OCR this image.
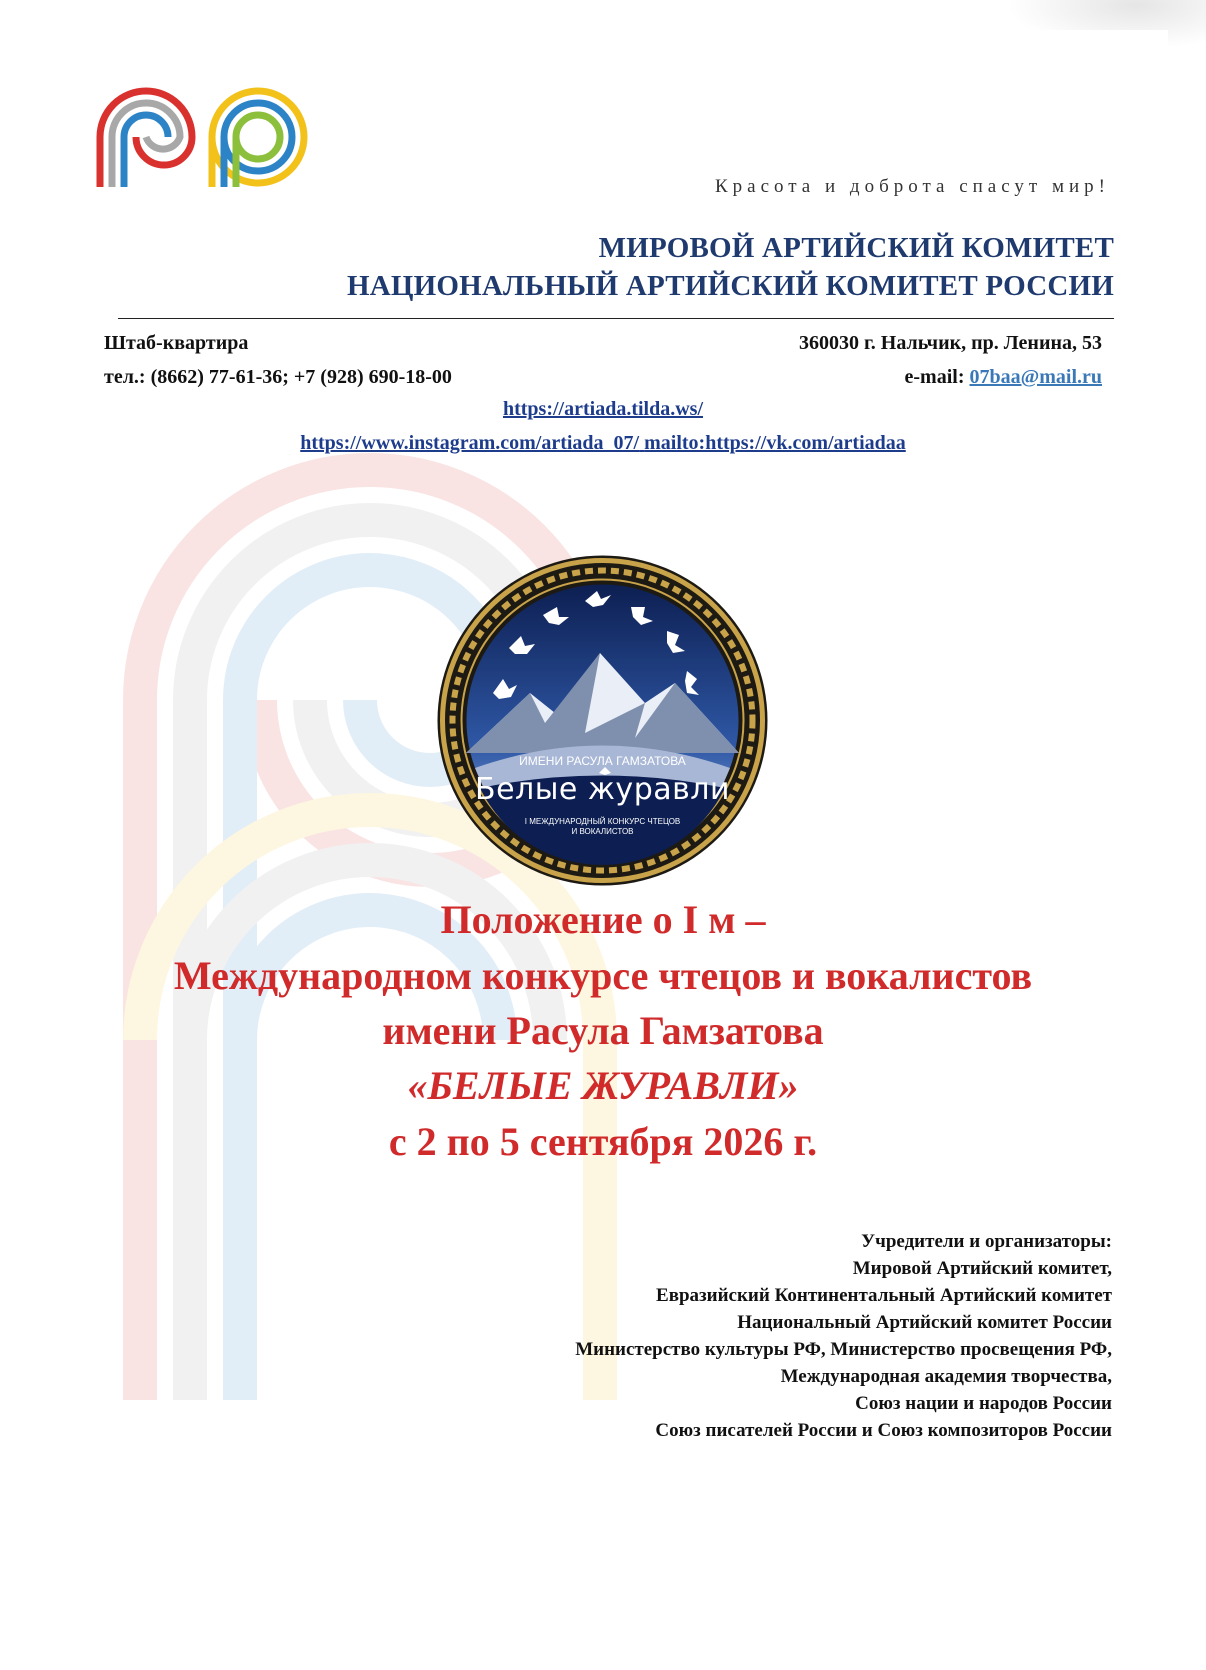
Красота и доброта спасут мир!
МИРОВОЙ АРТИЙСКИЙ КОМИТЕТ
НАЦИОНАЛЬНЫЙ АРТИЙСКИЙ КОМИТЕТ РОССИИ
Штаб-квартира	360030 г. Нальчик, пр. Ленина, 53
тел.: (8662) 77-61-36; +7 (928) 690-18-00	e-mail: 07baa@mail.ru
https://artiada.tilda.ws/
https://www.instagram.com/artiada_07/ mailto:https://vk.com/artiadaa
ИМЕНИ РАСУЛА ГАМЗАТОВА
Белые журавли
I МЕЖДУНАРОДНЫЙ КОНКУРС ЧТЕЦОВ
И ВОКАЛИСТОВ
Положение о I м –
Международном конкурсе чтецов и вокалистов
имени Расула Гамзатова
«БЕЛЫЕ ЖУРАВЛИ»
с 2 по 5 сентября 2026 г.
Учредители и организаторы:
Мировой Артийский комитет,
Евразийский Континентальный Артийский комитет
Национальный Артийский комитет России
Министерство культуры РФ, Министерство просвещения РФ,
Международная академия творчества,
Союз нации и народов России
Союз писателей России и Союз композиторов России
